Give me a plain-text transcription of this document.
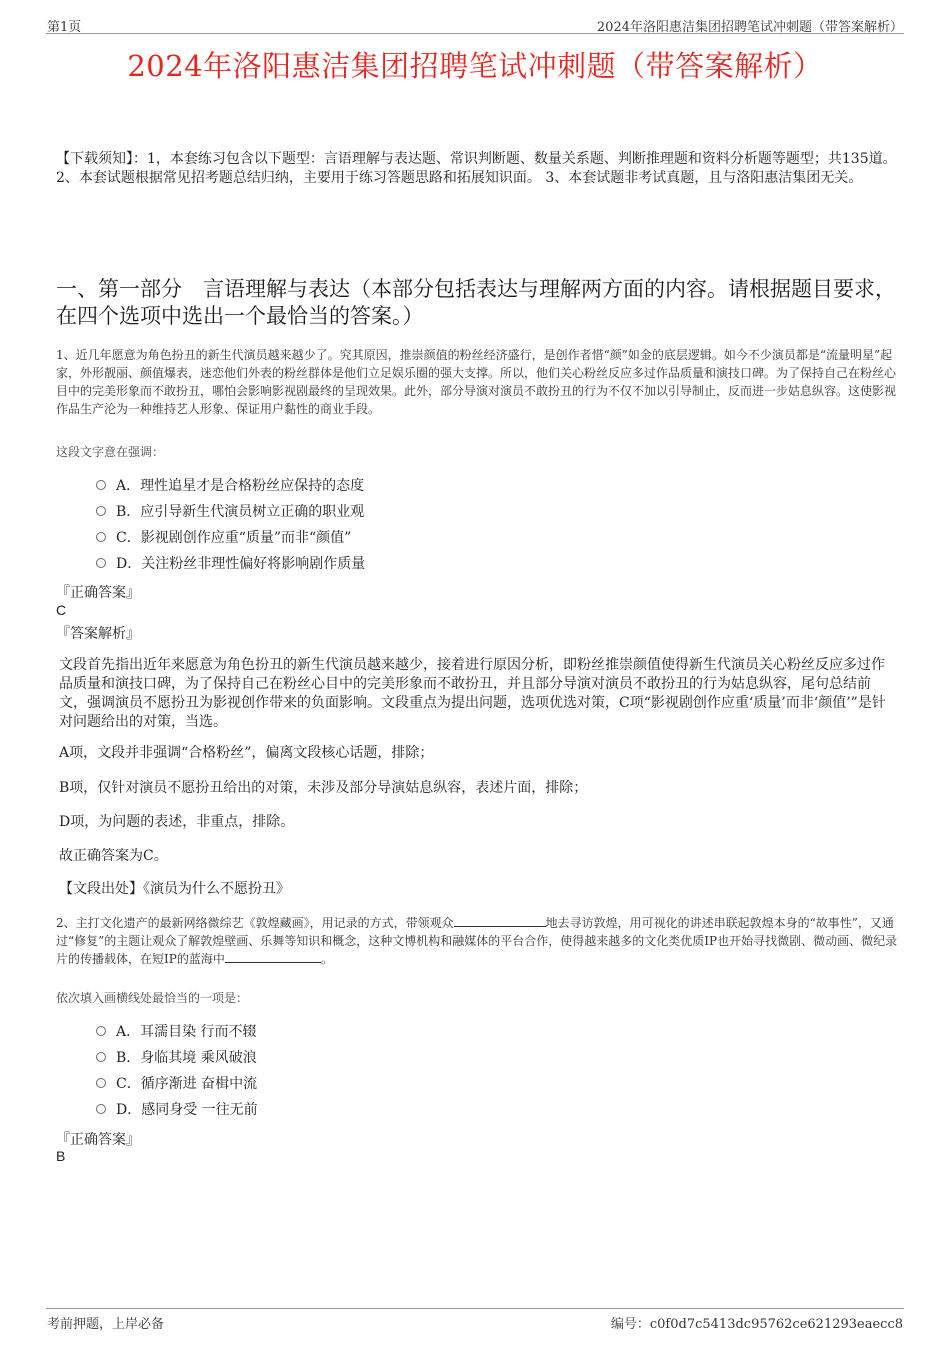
第1页	2024年洛阳惠洁集团招聘笔试冲刺题（带答案解析）
2024年洛阳惠洁集团招聘笔试冲刺题（带答案解析）
【下载须知】：1，本套练习包含以下题型：言语理解与表达题、常识判断题、数量关系题、判断推理题和资料分析题等题型；共135道。 2、本套试题根据常见招考题总结归纳，主要用于练习答题思路和拓展知识面。 3、本套试题非考试真题，且与洛阳惠洁集团无关。
一、第一部分　言语理解与表达（本部分包括表达与理解两方面的内容。请根据题目要求，在四个选项中选出一个最恰当的答案。）
1、近几年愿意为角色扮丑的新生代演员越来越少了。究其原因，推崇颜值的粉丝经济盛行，是创作者惜“颜”如金的底层逻辑。如今不少演员都是“流量明星”起家，外形靓丽、颜值爆表，迷恋他们外表的粉丝群体是他们立足娱乐圈的强大支撑。所以，他们关心粉丝反应多过作品质量和演技口碑。为了保持自己在粉丝心目中的完美形象而不敢扮丑，哪怕会影响影视剧最终的呈现效果。此外，部分导演对演员不敢扮丑的行为不仅不加以引导制止，反而进一步姑息纵容。这使影视作品生产沦为一种维持艺人形象、保证用户黏性的商业手段。
这段文字意在强调：
A．理性追星才是合格粉丝应保持的态度
B．应引导新生代演员树立正确的职业观
C．影视剧创作应重“质量”而非“颜值”
D．关注粉丝非理性偏好将影响剧作质量
『正确答案』
C
『答案解析』
文段首先指出近年来愿意为角色扮丑的新生代演员越来越少，接着进行原因分析，即粉丝推崇颜值使得新生代演员关心粉丝反应多过作品质量和演技口碑，为了保持自己在粉丝心目中的完美形象而不敢扮丑，并且部分导演对演员不敢扮丑的行为姑息纵容，尾句总结前文，强调演员不愿扮丑为影视创作带来的负面影响。文段重点为提出问题，选项优选对策，C项“影视剧创作应重‘质量’而非‘颜值’”是针对问题给出的对策，当选。
A项，文段并非强调“合格粉丝”，偏离文段核心话题，排除；
B项，仅针对演员不愿扮丑给出的对策，未涉及部分导演姑息纵容，表述片面，排除；
D项，为问题的表述，非重点，排除。
故正确答案为C。
【文段出处】《演员为什么不愿扮丑》
2、主打文化遗产的最新网络微综艺《敦煌藏画》，用记录的方式，带领观众	地去寻访敦煌，用可视化的讲述串联起敦煌本身的“故事性”，又通过“修复”的主题让观众了解敦煌壁画、乐舞等知识和概念，这种文博机构和融媒体的平台合作，使得越来越多的文化类优质IP也开始寻找微剧、微动画、微纪录片的传播载体，在短IP的蓝海中	。
依次填入画横线处最恰当的一项是：
A．耳濡目染 行而不辍
B．身临其境 乘风破浪
C．循序渐进 奋楫中流
D．感同身受 一往无前
『正确答案』
B
考前押题，上岸必备	编号：c0f0d7c5413dc95762ce621293eaecc8
